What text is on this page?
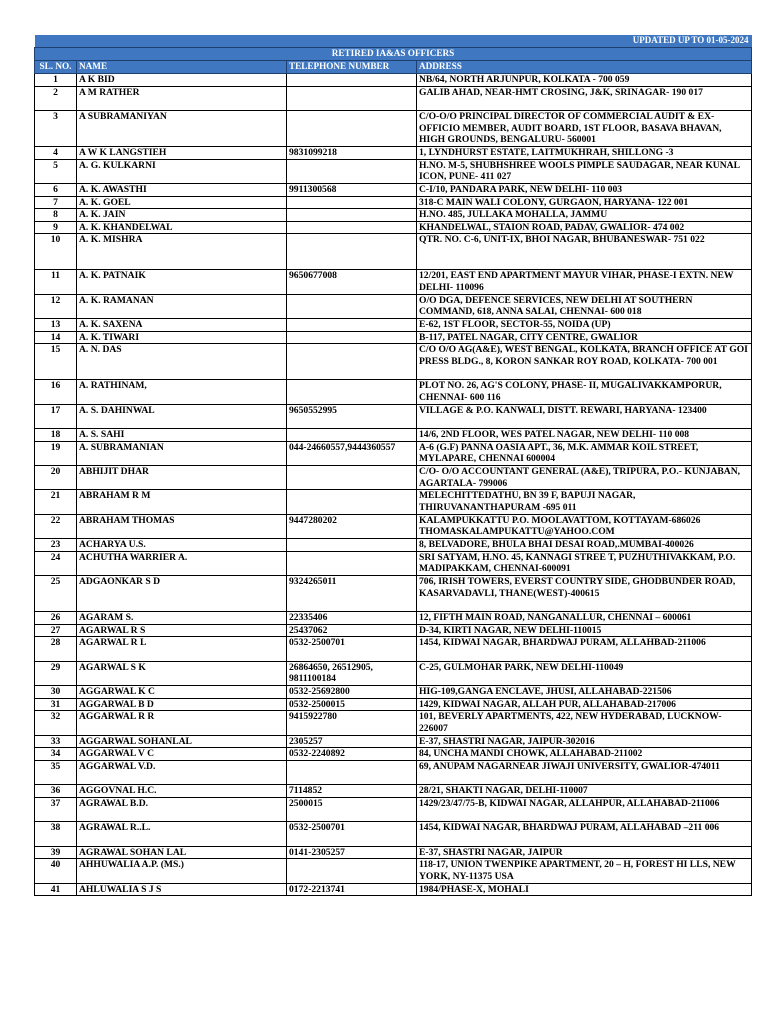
UPDATED UP TO 01-05-2024			
RETIRED IA&AS OFFICERS			
SL. NO.	NAME	TELEPHONE NUMBER	ADDRESS
1	A K BID		NB/64, NORTH ARJUNPUR, KOLKATA - 700 059
2	A M RATHER		GALIB AHAD, NEAR-HMT CROSING, J&K, SRINAGAR- 190 017
3	A SUBRAMANIYAN		C/O-O/O PRINCIPAL DIRECTOR OF COMMERCIAL AUDIT & EX-OFFICIO MEMBER, AUDIT BOARD, 1ST FLOOR, BASAVA BHAVAN, HIGH GROUNDS, BENGALURU- 560001
4	A W K LANGSTIEH	9831099218	1, LYNDHURST ESTATE, LAITMUKHRAH, SHILLONG -3
5	A. G. KULKARNI		H.NO. M-5, SHUBHSHREE WOOLS PIMPLE SAUDAGAR, NEAR KUNAL ICON, PUNE- 411 027
6	A. K. AWASTHI	9911300568	C-I/10, PANDARA PARK, NEW DELHI- 110 003
7	A. K. GOEL		318-C MAIN WALI COLONY, GURGAON, HARYANA- 122 001
8	A. K. JAIN		H.NO. 485, JULLAKA MOHALLA, JAMMU
9	A. K. KHANDELWAL		KHANDELWAL, STAION ROAD, PADAV, GWALIOR- 474 002
10	A. K. MISHRA		QTR. NO. C-6, UNIT-IX, BHOI NAGAR, BHUBANESWAR- 751 022
11	A. K. PATNAIK	9650677008	12/201, EAST END APARTMENT MAYUR VIHAR, PHASE-I EXTN. NEW DELHI- 110096
12	A. K. RAMANAN		O/O DGA, DEFENCE SERVICES, NEW DELHI AT SOUTHERN COMMAND, 618, ANNA SALAI, CHENNAI- 600 018
13	A. K. SAXENA		E-62, 1ST FLOOR, SECTOR-55, NOIDA (UP)
14	A. K. TIWARI		B-117, PATEL NAGAR, CITY CENTRE, GWALIOR
15	A. N. DAS		C/O O/O AG(A&E), WEST BENGAL, KOLKATA, BRANCH OFFICE AT GOI PRESS BLDG., 8, KORON SANKAR ROY ROAD, KOLKATA- 700 001
16	A. RATHINAM,		PLOT NO. 26, AG'S COLONY, PHASE- II, MUGALIVAKKAMPORUR, CHENNAI- 600 116
17	A. S. DAHINWAL	9650552995	VILLAGE & P.O. KANWALI, DISTT. REWARI, HARYANA- 123400
18	A. S. SAHI		14/6, 2ND FLOOR, WES PATEL NAGAR, NEW DELHI- 110 008
19	A. SUBRAMANIAN	044-24660557,9444360557	A-6 (G.F) PANNA OASIA APT., 36, M.K. AMMAR KOIL STREET, MYLAPARE, CHENNAI 600004
20	ABHIJIT DHAR		C/O- O/O ACCOUNTANT GENERAL (A&E), TRIPURA, P.O.- KUNJABAN, AGARTALA- 799006
21	ABRAHAM R M		MELECHITTEDATHU, BN 39 F, BAPUJI NAGAR, THIRUVANANTHAPURAM -695 011
22	ABRAHAM THOMAS	9447280202	KALAMPUKKATTU P.O. MOOLAVATTOM, KOTTAYAM-686026 THOMASKALAMPUKATTU@YAHOO.COM
23	ACHARYA U.S.		8, BELVADORE, BHULA BHAI DESAI ROAD,.MUMBAI-400026
24	ACHUTHA WARRIER A.		SRI SATYAM, H.NO. 45, KANNAGI STREE T, PUZHUTHIVAKKAM, P.O. MADIPAKKAM, CHENNAI-600091
25	ADGAONKAR S D	9324265011	706, IRISH TOWERS, EVERST COUNTRY SIDE, GHODBUNDER ROAD, KASARVADAVLI, THANE(WEST)-400615
26	AGARAM S.	22335406	12, FIFTH MAIN ROAD, NANGANALLUR, CHENNAI – 600061
27	AGARWAL R S	25437062	D-34, KIRTI NAGAR, NEW DELHI-110015
28	AGARWAL R L	0532-2500701	1454, KIDWAI NAGAR, BHARDWAJ PURAM, ALLAHBAD-211006
29	AGARWAL S K	26864650, 26512905, 9811100184	C-25, GULMOHAR PARK, NEW DELHI-110049
30	AGGARWAL K C	0532-25692800	HIG-109,GANGA ENCLAVE, JHUSI, ALLAHABAD-221506
31	AGGARWAL B D	0532-2500015	1429, KIDWAI NAGAR, ALLAH PUR, ALLAHABAD-217006
32	AGGARWAL R R	9415922780	101, BEVERLY APARTMENTS, 422, NEW HYDERABAD, LUCKNOW-226007
33	AGGARWAL SOHANLAL	2305257	E-37, SHASTRI NAGAR, JAIPUR-302016
34	AGGARWAL V C	0532-2240892	84, UNCHA MANDI CHOWK, ALLAHABAD-211002
35	AGGARWAL V.D.		69, ANUPAM NAGARNEAR JIWAJI UNIVERSITY, GWALIOR-474011
36	AGGOVNAL H.C.	7114852	28/21, SHAKTI NAGAR, DELHI-110007
37	AGRAWAL B.D.	2500015	1429/23/47/75-B, KIDWAI NAGAR, ALLAHPUR, ALLAHABAD-211006
38	AGRAWAL R..L.	0532-2500701	1454, KIDWAI NAGAR, BHARDWAJ PURAM, ALLAHABAD –211 006
39	AGRAWAL SOHAN LAL	0141-2305257	E-37, SHASTRI NAGAR, JAIPUR
40	AHHUWALIA A.P. (MS.)		118-17, UNION TWENPIKE APARTMENT, 20 – H, FOREST HI LLS, NEW YORK, NY-11375 USA
41	AHLUWALIA S J S	0172-2213741	1984/PHASE-X, MOHALI
